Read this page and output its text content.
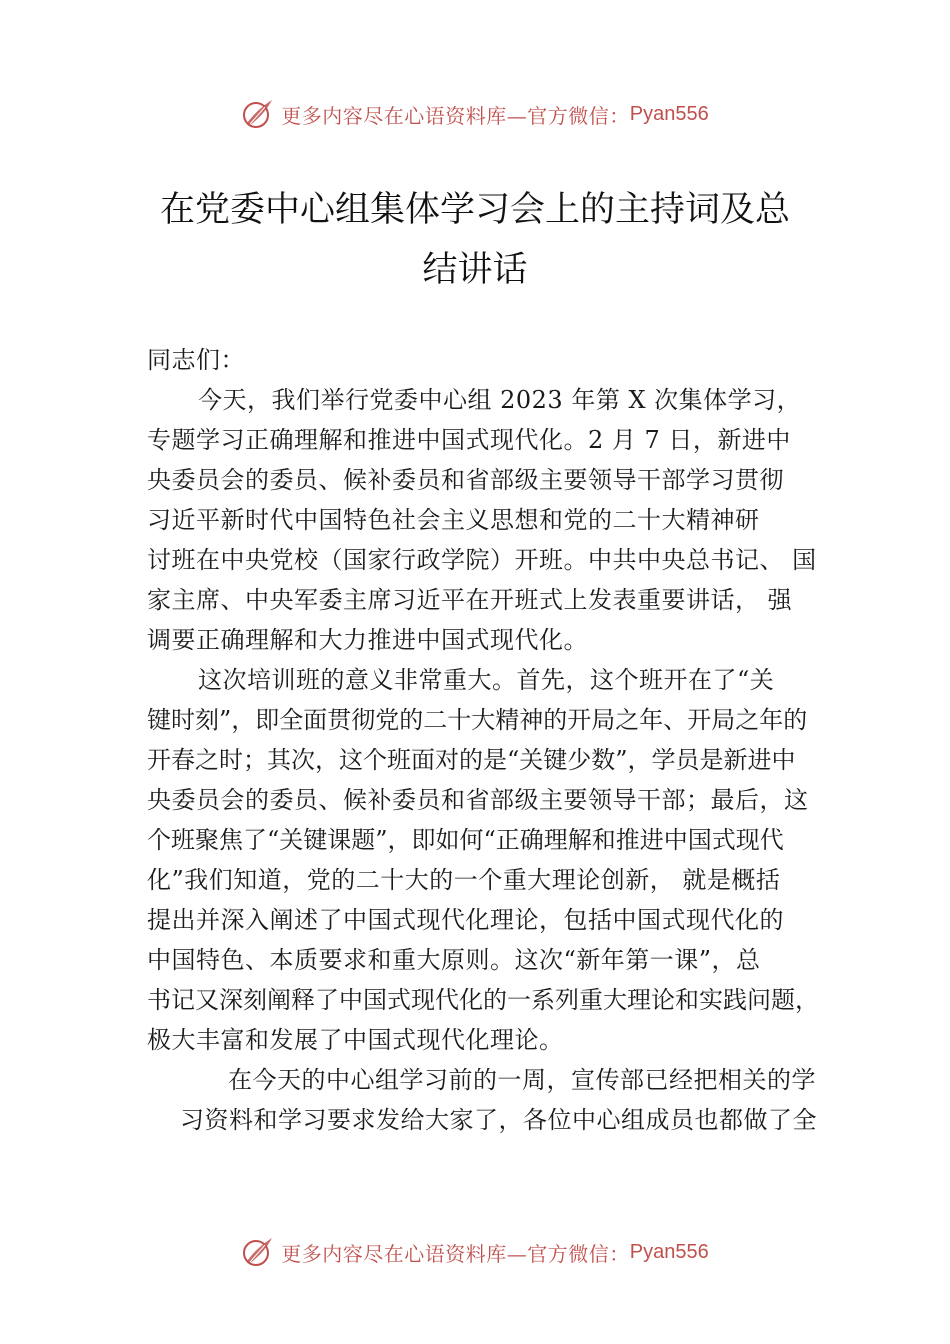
更多内容尽在心语资料库—官方微信： Pyan556
在党委中心组集体学习会上的主持词及总
结讲话
同志们：
今天，我们举行党委中心组 2023 年第 X 次集体学习，
专题学习正确理解和推进中国式现代化。2 月 7 日，新进中
央委员会的委员、候补委员和省部级主要领导干部学习贯彻
习近平新时代中国特色社会主义思想和党的二十大精神研
讨班在中央党校（国家行政学院）开班。中共中央总书记、 国
家主席、中央军委主席习近平在开班式上发表重要讲话， 强
调要正确理解和大力推进中国式现代化。
这次培训班的意义非常重大。首先，这个班开在了“关
键时刻”，即全面贯彻党的二十大精神的开局之年、开局之年的
开春之时；其次，这个班面对的是“关键少数”，学员是新进中
央委员会的委员、候补委员和省部级主要领导干部；最后，这
个班聚焦了“关键课题”，即如何“正确理解和推进中国式现代
化”我们知道，党的二十大的一个重大理论创新， 就是概括
提出并深入阐述了中国式现代化理论，包括中国式现代化的
中国特色、本质要求和重大原则。这次“新年第一课”，总
书记又深刻阐释了中国式现代化的一系列重大理论和实践问题，
极大丰富和发展了中国式现代化理论。
在今天的中心组学习前的一周，宣传部已经把相关的学
习资料和学习要求发给大家了，各位中心组成员也都做了全
更多内容尽在心语资料库—官方微信： Pyan556
